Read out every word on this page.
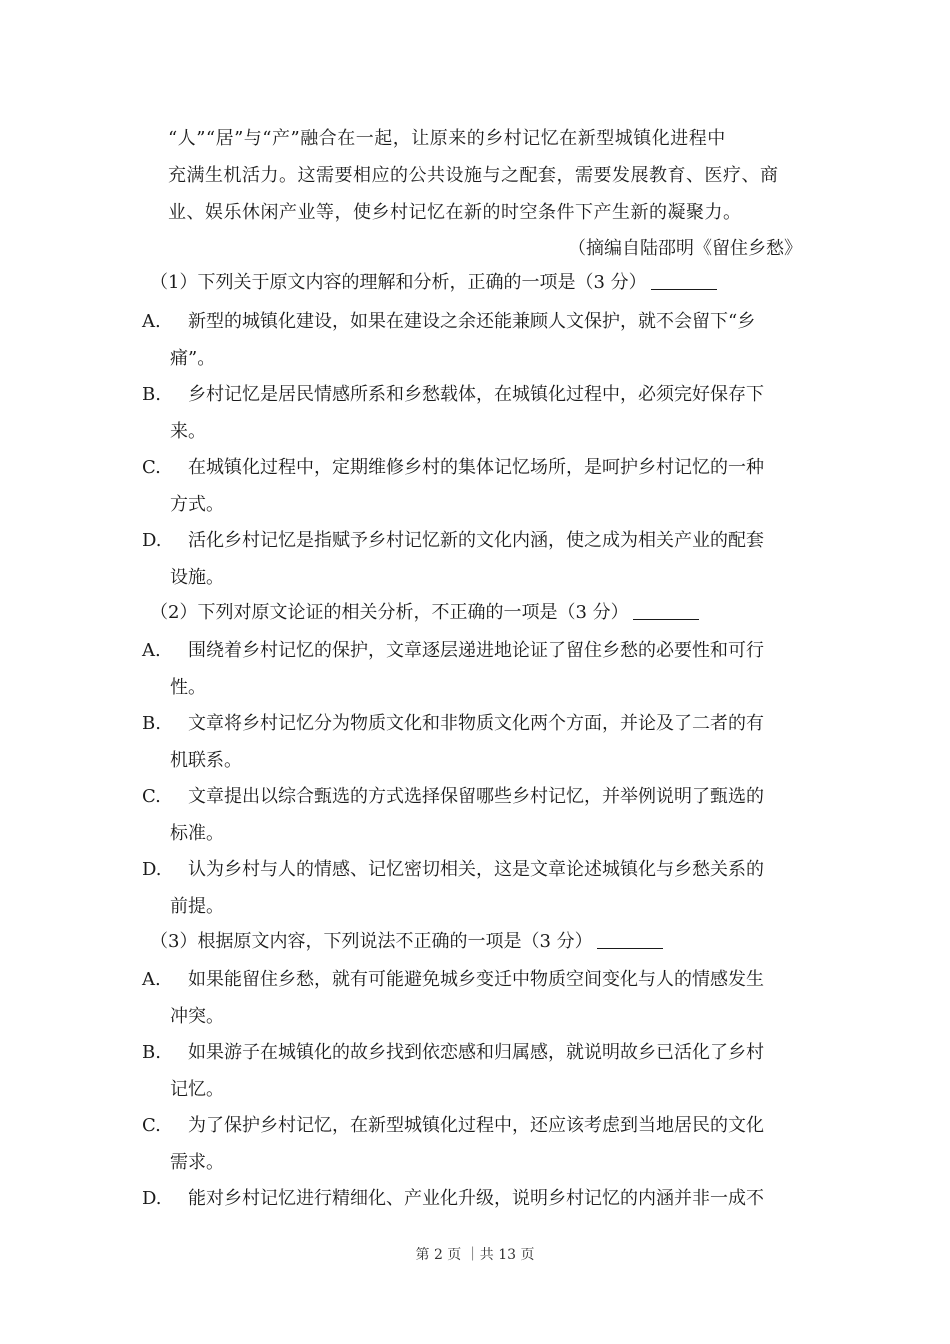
“人”“居”与“产”融合在一起，让原来的乡村记忆在新型城镇化进程中

充满生机活力。这需要相应的公共设施与之配套，需要发展教育、医疗、商

业、娱乐休闲产业等，使乡村记忆在新的时空条件下产生新的凝聚力。

（摘编自陆邵明《留住乡愁》
（1）下列关于原文内容的理解和分析，正确的一项是（3 分）
A. 新型的城镇化建设，如果在建设之余还能兼顾人文保护，就不会留下“乡
痛”。
B. 乡村记忆是居民情感所系和乡愁载体，在城镇化过程中，必须完好保存下
来。
C. 在城镇化过程中，定期维修乡村的集体记忆场所，是呵护乡村记忆的一种
方式。
D. 活化乡村记忆是指赋予乡村记忆新的文化内涵，使之成为相关产业的配套
设施。
（2）下列对原文论证的相关分析，不正确的一项是（3 分）
A. 围绕着乡村记忆的保护，文章逐层递进地论证了留住乡愁的必要性和可行
性。
B. 文章将乡村记忆分为物质文化和非物质文化两个方面，并论及了二者的有
机联系。
C. 文章提出以综合甄选的方式选择保留哪些乡村记忆，并举例说明了甄选的
标准。
D. 认为乡村与人的情感、记忆密切相关，这是文章论述城镇化与乡愁关系的
前提。
（3）根据原文内容，下列说法不正确的一项是（3 分）
A. 如果能留住乡愁，就有可能避免城乡变迁中物质空间变化与人的情感发生
冲突。
B. 如果游子在城镇化的故乡找到依恋感和归属感，就说明故乡已活化了乡村
记忆。
C. 为了保护乡村记忆，在新型城镇化过程中，还应该考虑到当地居民的文化
需求。
D. 能对乡村记忆进行精细化、产业化升级，说明乡村记忆的内涵并非一成不
第 2 页 ｜共 13 页
